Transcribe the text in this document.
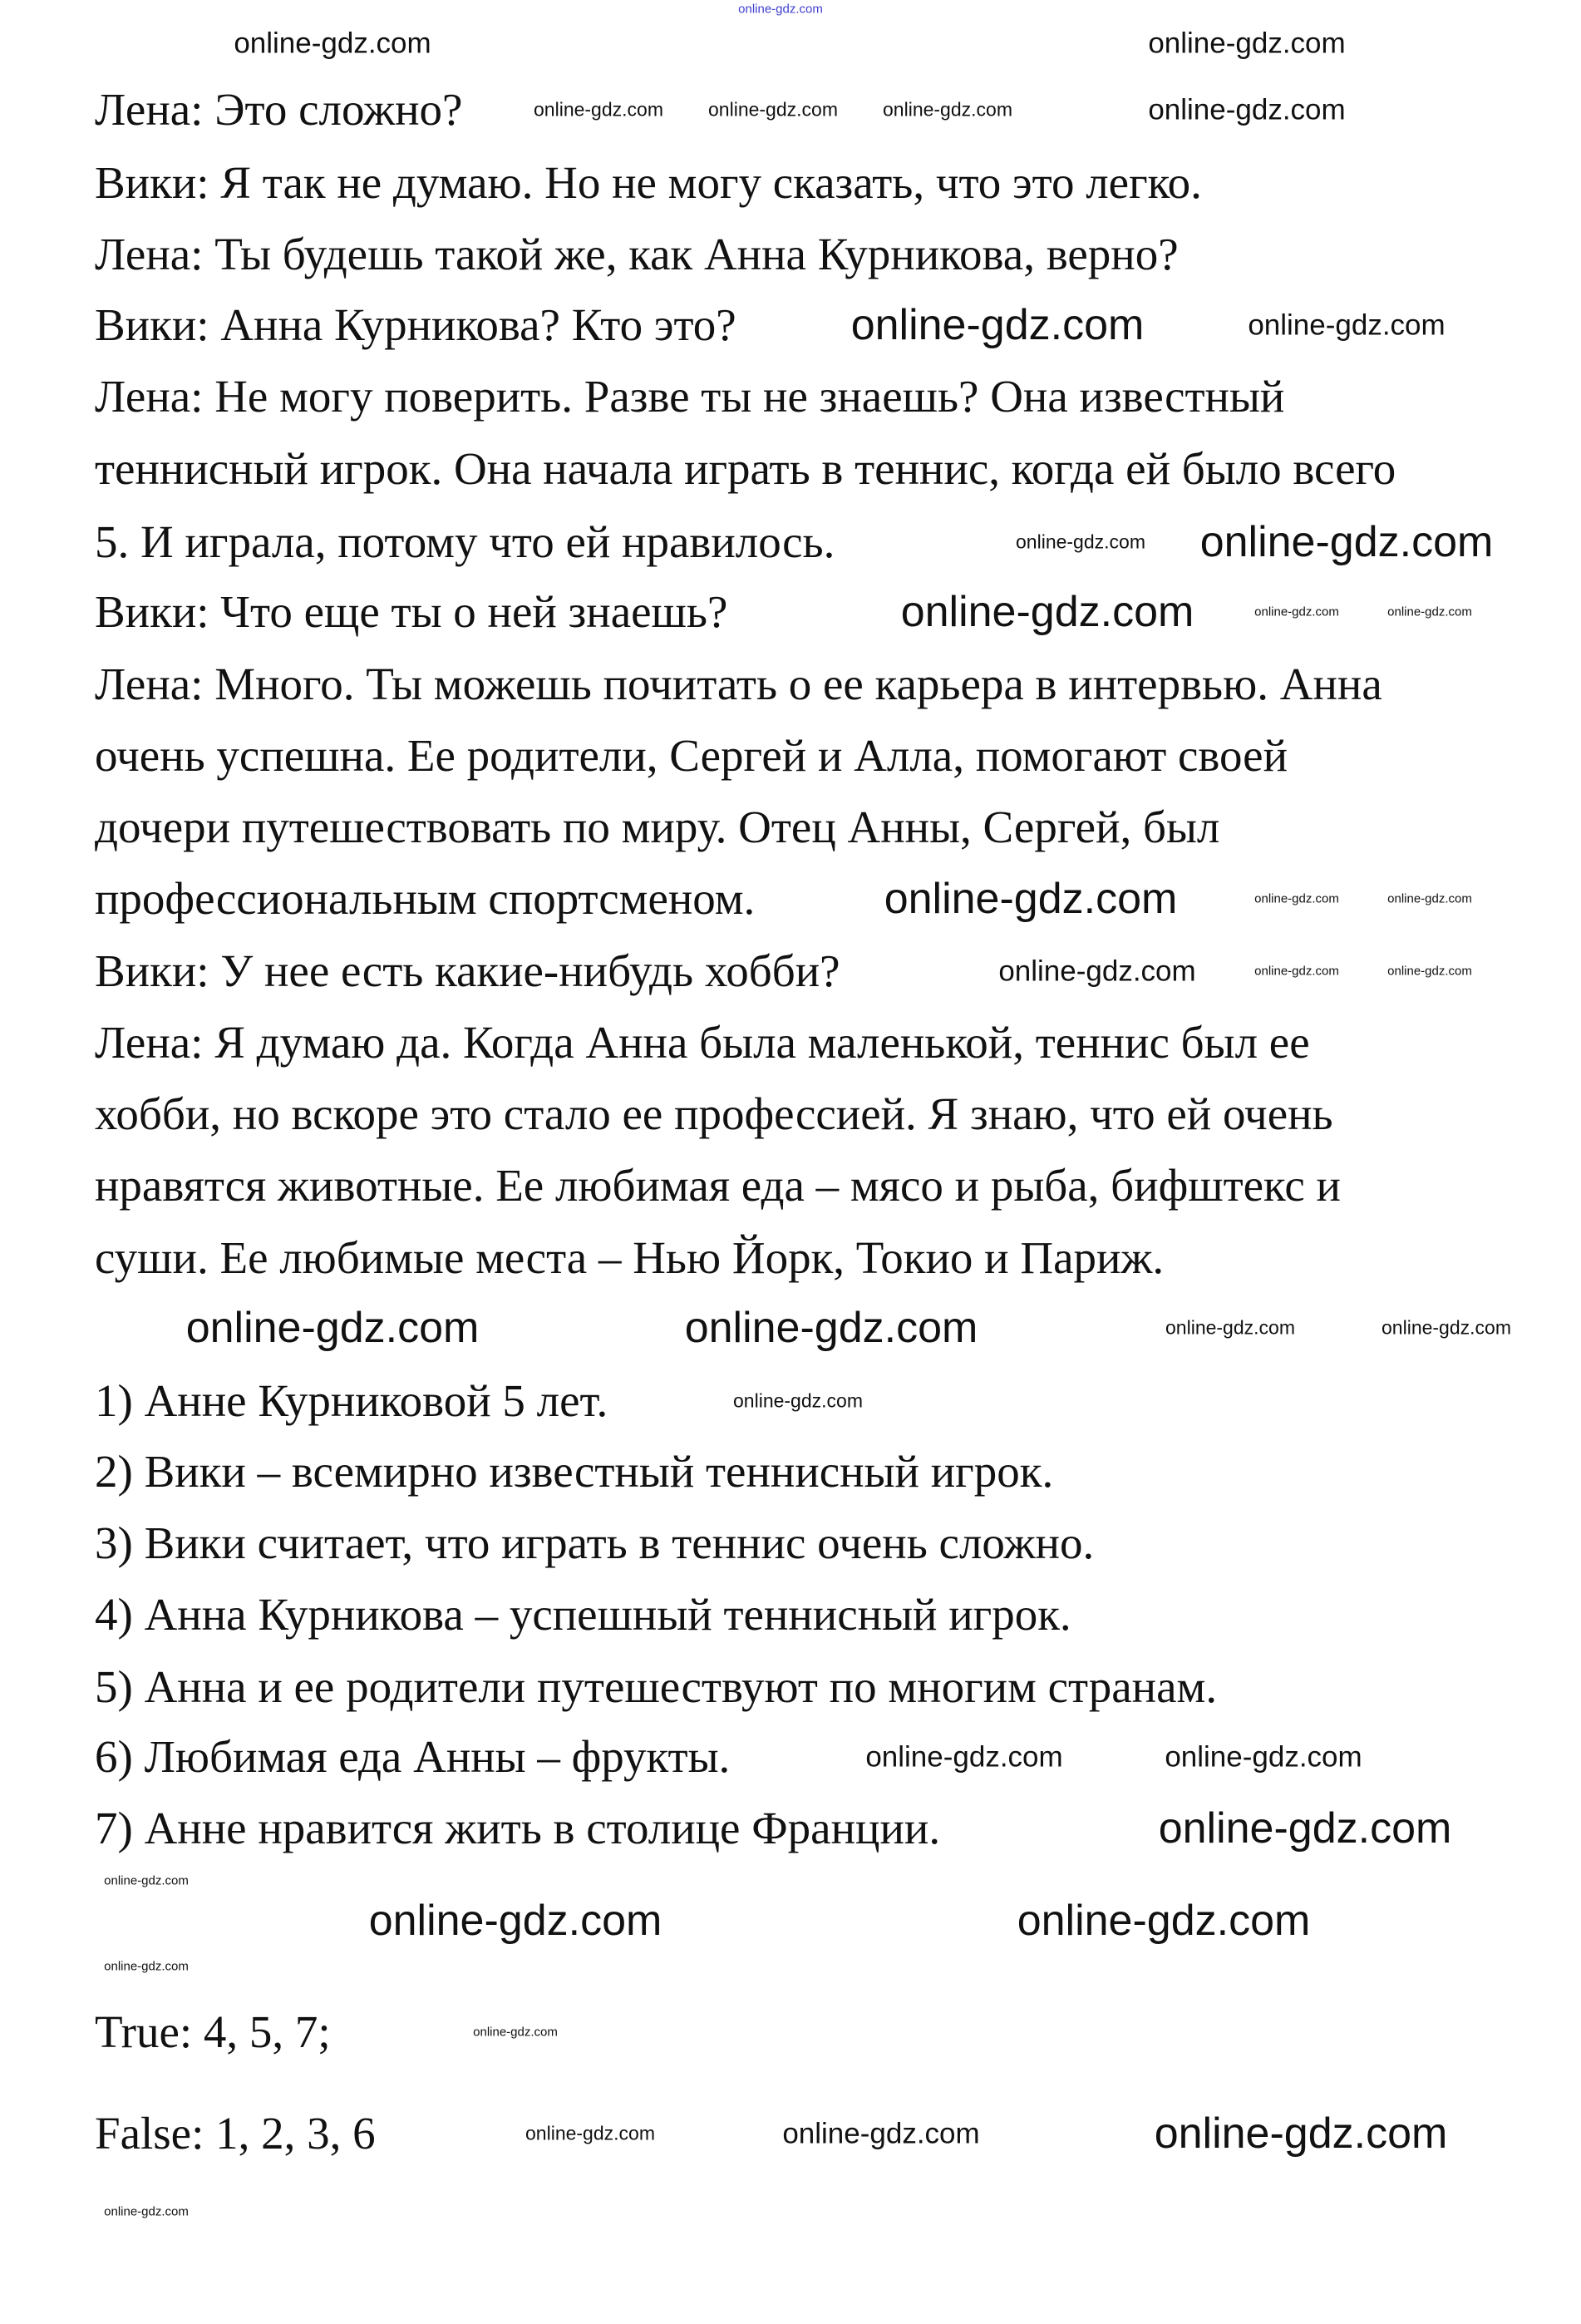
Лена: Это сложно?
Вики: Я так не думаю. Но не могу сказать, что это легко.
Лена: Ты будешь такой же, как Анна Курникова, верно?
Вики: Анна Курникова? Кто это?
Лена: Не могу поверить. Разве ты не знаешь? Она известный
теннисный игрок. Она начала играть в теннис, когда ей было всего
5. И играла, потому что ей нравилось.
Вики: Что еще ты о ней знаешь?
Лена: Много. Ты можешь почитать о ее карьера в интервью. Анна
очень успешна. Ее родители, Сергей и Алла, помогают своей
дочери путешествовать по миру. Отец Анны, Сергей, был
профессиональным спортсменом.
Вики: У нее есть какие-нибудь хобби?
Лена: Я думаю да. Когда Анна была маленькой, теннис был ее
хобби, но вскоре это стало ее профессией. Я знаю, что ей очень
нравятся животные. Ее любимая еда – мясо и рыба, бифштекс и
суши. Ее любимые места – Нью Йорк, Токио и Париж.
1) Анне Курниковой 5 лет.
2) Вики – всемирно известный теннисный игрок.
3) Вики считает, что играть в теннис очень сложно.
4) Анна Курникова – успешный теннисный игрок.
5) Анна и ее родители путешествуют по многим странам.
6) Любимая еда Анны – фрукты.
7) Анне нравится жить в столице Франции.
True: 4, 5, 7;
False: 1, 2, 3, 6
online-gdz.com
online-gdz.com	online-gdz.com
online-gdz.com online-gdz.com online-gdz.com	online-gdz.com
online-gdz.com	online-gdz.com
online-gdz.com online-gdz.com
online-gdz.com	online-gdz.com	online-gdz.com
online-gdz.com	online-gdz.com	online-gdz.com
online-gdz.com	online-gdz.com	online-gdz.com
online-gdz.com	online-gdz.com	online-gdz.com	online-gdz.com
online-gdz.com
online-gdz.com	online-gdz.com
online-gdz.com
online-gdz.com
online-gdz.com	online-gdz.com
online-gdz.com
online-gdz.com
online-gdz.com	online-gdz.com	online-gdz.com
online-gdz.com
